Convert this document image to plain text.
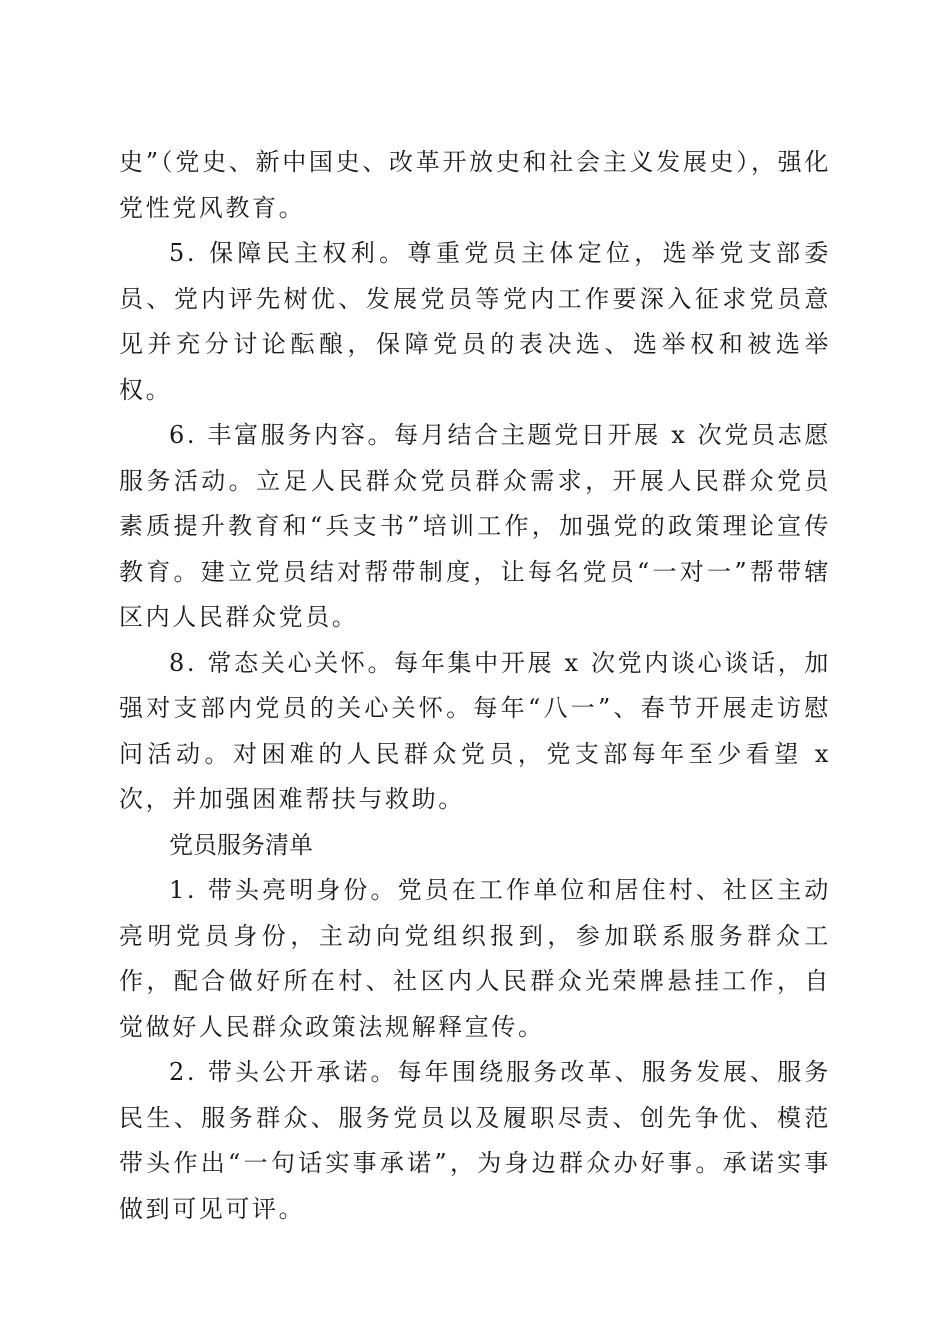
史”（党史、新中国史、改革开放史和社会主义发展史），强化党性党风教育。

5. 保障民主权利。尊重党员主体定位，选举党支部委员、党内评先树优、发展党员等党内工作要深入征求党员意见并充分讨论酝酿，保障党员的表决选、选举权和被选举权。

6. 丰富服务内容。每月结合主题党日开展 x 次党员志愿服务活动。立足人民群众党员群众需求，开展人民群众党员素质提升教育和“兵支书”培训工作，加强党的政策理论宣传教育。建立党员结对帮带制度，让每名党员“一对一”帮带辖区内人民群众党员。

8. 常态关心关怀。每年集中开展 x 次党内谈心谈话，加强对支部内党员的关心关怀。每年“八一”、春节开展走访慰问活动。对困难的人民群众党员，党支部每年至少看望 x 次，并加强困难帮扶与救助。

党员服务清单

1. 带头亮明身份。党员在工作单位和居住村、社区主动亮明党员身份，主动向党组织报到，参加联系服务群众工作，配合做好所在村、社区内人民群众光荣牌悬挂工作，自觉做好人民群众政策法规解释宣传。

2. 带头公开承诺。每年围绕服务改革、服务发展、服务民生、服务群众、服务党员以及履职尽责、创先争优、模范带头作出“一句话实事承诺”，为身边群众办好事。承诺实事做到可见可评。
